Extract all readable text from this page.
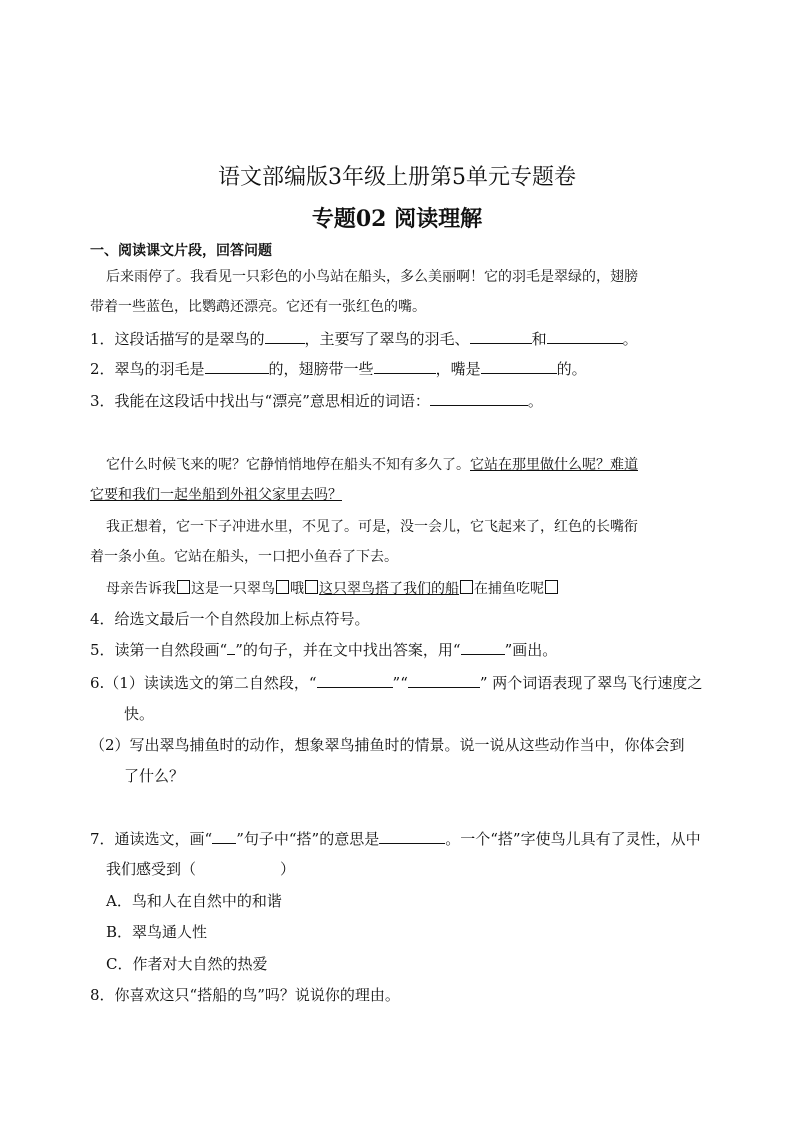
语文部编版3年级上册第5单元专题卷
专题02 阅读理解
一、阅读课文片段，回答问题
后来雨停了。我看见一只彩色的小鸟站在船头，多么美丽啊！它的羽毛是翠绿的，翅膀
带着一些蓝色，比鹦鹉还漂亮。它还有一张红色的嘴。
1．这段话描写的是翠鸟的	，主要写了翠鸟的羽毛、	和	。
2．翠鸟的羽毛是	的，翅膀带一些	，嘴是	的。
3．我能在这段话中找出与“漂亮”意思相近的词语：	。
它什么时候飞来的呢？它静悄悄地停在船头不知有多久了。它站在那里做什么呢？难道
它要和我们一起坐船到外祖父家里去吗？
我正想着，它一下子冲进水里，不见了。可是，没一会儿，它飞起来了，红色的长嘴衔
着一条小鱼。它站在船头，一口把小鱼吞了下去。
母亲告诉我 这是一只翠鸟 哦 这只翠鸟搭了我们的船 在捕鱼吃呢
4．给选文最后一个自然段加上标点符号。
5．读第一自然段画“ ”的句子，并在文中找出答案，用“	”画出。
6.（1）读读选文的第二自然段，“	”“	” 两个词语表现了翠鸟飞行速度之
快。
（2）写出翠鸟捕鱼时的动作，想象翠鸟捕鱼时的情景。说一说从这些动作当中，你体会到
了什么？
7．通读选文，画“ ”句子中“搭”的意思是	。一个“搭”字使鸟儿具有了灵性，从中
我们感受到（	）
A．鸟和人在自然中的和谐
B．翠鸟通人性
C．作者对大自然的热爱
8．你喜欢这只“搭船的鸟”吗？说说你的理由。
